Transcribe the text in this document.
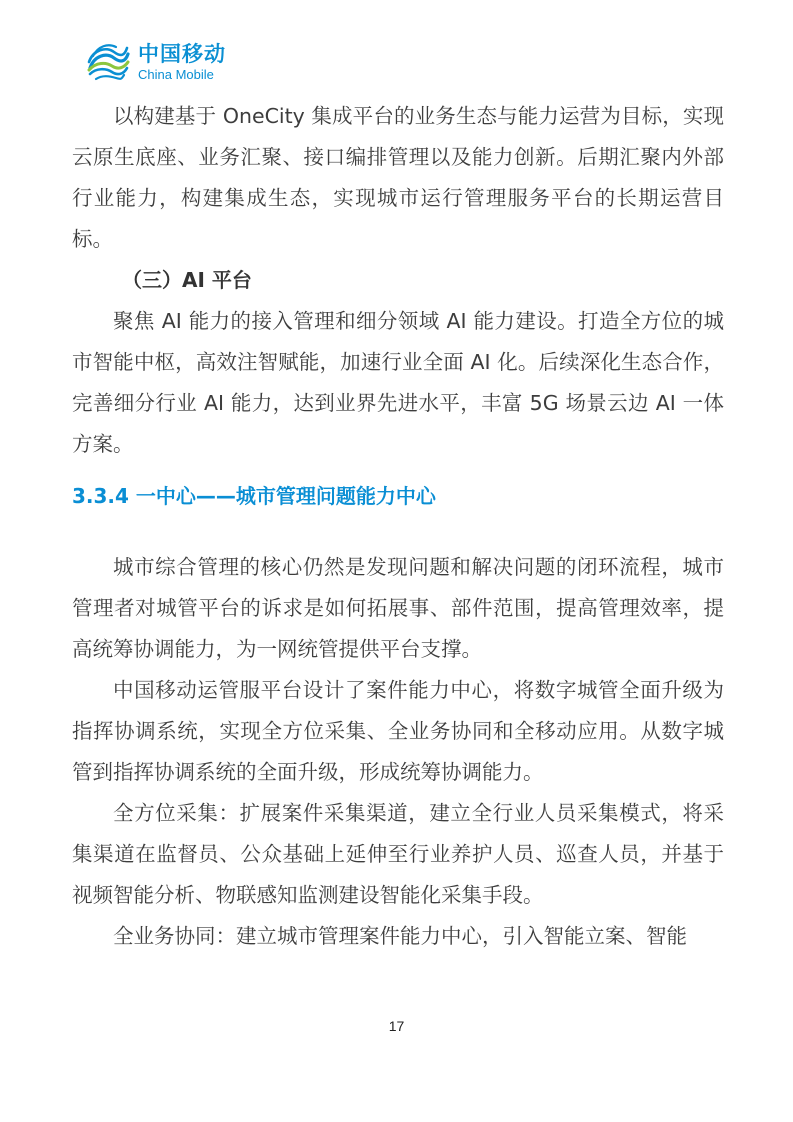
中国移动
China Mobile

以构建基于 OneCity 集成平台的业务生态与能力运营为目标，实现云原生底座、业务汇聚、接口编排管理以及能力创新。后期汇聚内外部行业能力，构建集成生态，实现城市运行管理服务平台的长期运营目标。

（三）AI 平台

聚焦 AI 能力的接入管理和细分领域 AI 能力建设。打造全方位的城市智能中枢，高效注智赋能，加速行业全面 AI 化。后续深化生态合作，完善细分行业 AI 能力，达到业界先进水平，丰富 5G 场景云边 AI 一体方案。

3.3.4 一中心——城市管理问题能力中心

城市综合管理的核心仍然是发现问题和解决问题的闭环流程，城市管理者对城管平台的诉求是如何拓展事、部件范围，提高管理效率，提高统筹协调能力，为一网统管提供平台支撑。

中国移动运管服平台设计了案件能力中心，将数字城管全面升级为指挥协调系统，实现全方位采集、全业务协同和全移动应用。从数字城管到指挥协调系统的全面升级，形成统筹协调能力。

全方位采集：扩展案件采集渠道，建立全行业人员采集模式，将采集渠道在监督员、公众基础上延伸至行业养护人员、巡查人员，并基于视频智能分析、物联感知监测建设智能化采集手段。

全业务协同：建立城市管理案件能力中心，引入智能立案、智能

17
